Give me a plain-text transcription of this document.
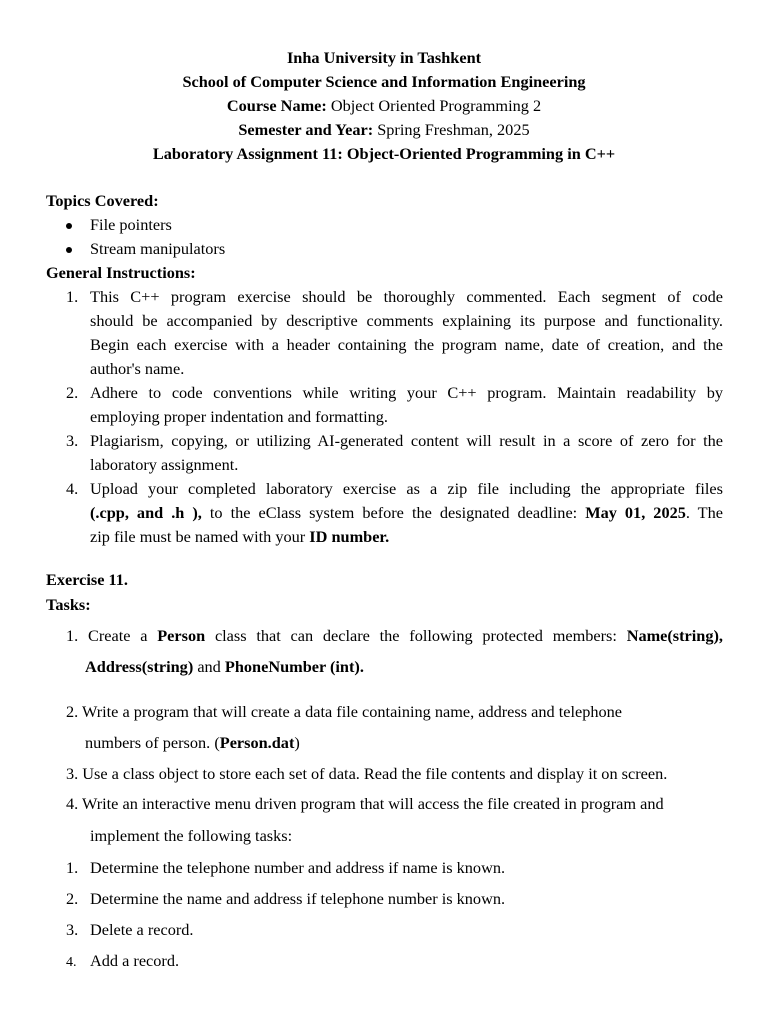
Inha University in Tashkent
School of Computer Science and Information Engineering
Course Name: Object Oriented Programming 2
Semester and Year: Spring Freshman, 2025
Laboratory Assignment 11: Object-Oriented Programming in C++
Topics Covered:
File pointers
Stream manipulators
General Instructions:
1. This C++ program exercise should be thoroughly commented. Each segment of code
should be accompanied by descriptive comments explaining its purpose and functionality.
Begin each exercise with a header containing the program name, date of creation, and the
author's name.
2. Adhere to code conventions while writing your C++ program. Maintain readability by
employing proper indentation and formatting.
3. Plagiarism, copying, or utilizing AI-generated content will result in a score of zero for the
laboratory assignment.
4. Upload your completed laboratory exercise as a zip file including the appropriate files
(.cpp, and .h ), to the eClass system before the designated deadline: May 01, 2025. The
zip file must be named with your ID number.
Exercise 11.
Tasks:
1. Create a Person class that can declare the following protected members: Name(string),
Address(string) and PhoneNumber (int).
2. Write a program that will create a data file containing name, address and telephone
numbers of person. (Person.dat)
3. Use a class object to store each set of data. Read the file contents and display it on screen.
4. Write an interactive menu driven program that will access the file created in program and
implement the following tasks:
1. Determine the telephone number and address if name is known.
2. Determine the name and address if telephone number is known.
3. Delete a record.
4. Add a record.
